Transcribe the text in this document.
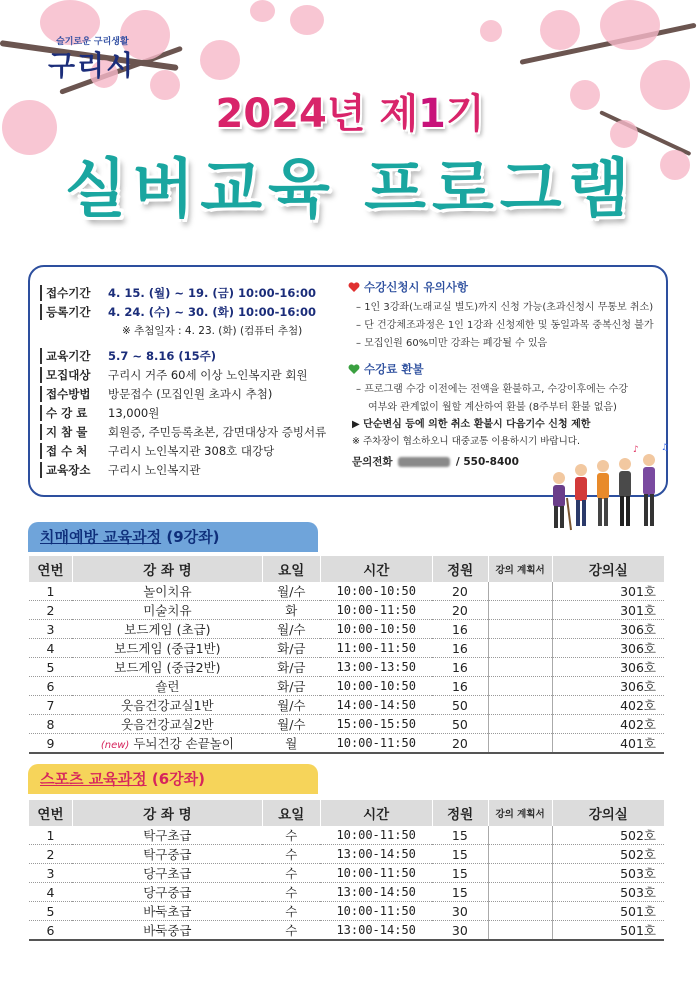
슬기로운 구리생활
구리시
2024년 제1기
실버교육 프로그램
접수기간	4. 15. (월) ~ 19. (금) 10:00-16:00
등록기간	4. 24. (수) ~ 30. (화) 10:00-16:00
※ 추첨일자 : 4. 23. (화) (컴퓨터 추첨)
교육기간	5.7 ~ 8.16 (15주)
모집대상	구리시 거주 60세 이상 노인복지관 회원
접수방법	방문접수 (모집인원 초과시 추첨)
수 강 료	13,000원
지 참 물	회원증, 주민등록초본, 감면대상자 증빙서류
접 수 처	구리시 노인복지관 308호 대강당
교육장소	구리시 노인복지관
수강신청시 유의사항
– 1인 3강좌(노래교실 별도)까지 신청 가능(초과신청시 무통보 취소)
– 단 건강체조과정은 1인 1강좌 신청제한 및 동일과목 중복신청 불가
– 모집인원 60%미만 강좌는 폐강될 수 있음
수강료 환불
– 프로그램 수강 이전에는 전액을 환불하고, 수강이후에는 수강
여부와 관계없이 월할 계산하여 환불 (8주부터 환불 없음)
▶ 단순변심 등에 의한 취소 환불시 다음기수 신청 제한
※ 주차장이 협소하오니 대중교통 이용하시기 바랍니다.
문의전화	/ 550-8400
♪ ♫
치매예방 교육과정 (9강좌)
연번	강 좌 명	요일	시간	정원	강의 계획서	강의실
1	놀이치유	월/수	10:00-10:50	20		301호
2	미술치유	화	10:00-11:50	20		301호
3	보드게임 (초급)	월/수	10:00-10:50	16		306호
4	보드게임 (중급1반)	화/금	11:00-11:50	16		306호
5	보드게임 (중급2반)	화/금	13:00-13:50	16		306호
6	숄런	화/금	10:00-10:50	16		306호
7	웃음건강교실1반	월/수	14:00-14:50	50		402호
8	웃음건강교실2반	월/수	15:00-15:50	50		402호
9	(new) 두뇌건강 손끝놀이	월	10:00-11:50	20		401호
스포츠 교육과정 (6강좌)
연번	강 좌 명	요일	시간	정원	강의 계획서	강의실
1	탁구초급	수	10:00-11:50	15		502호
2	탁구중급	수	13:00-14:50	15		502호
3	당구초급	수	10:00-11:50	15		503호
4	당구중급	수	13:00-14:50	15		503호
5	바둑초급	수	10:00-11:50	30		501호
6	바둑중급	수	13:00-14:50	30		501호
